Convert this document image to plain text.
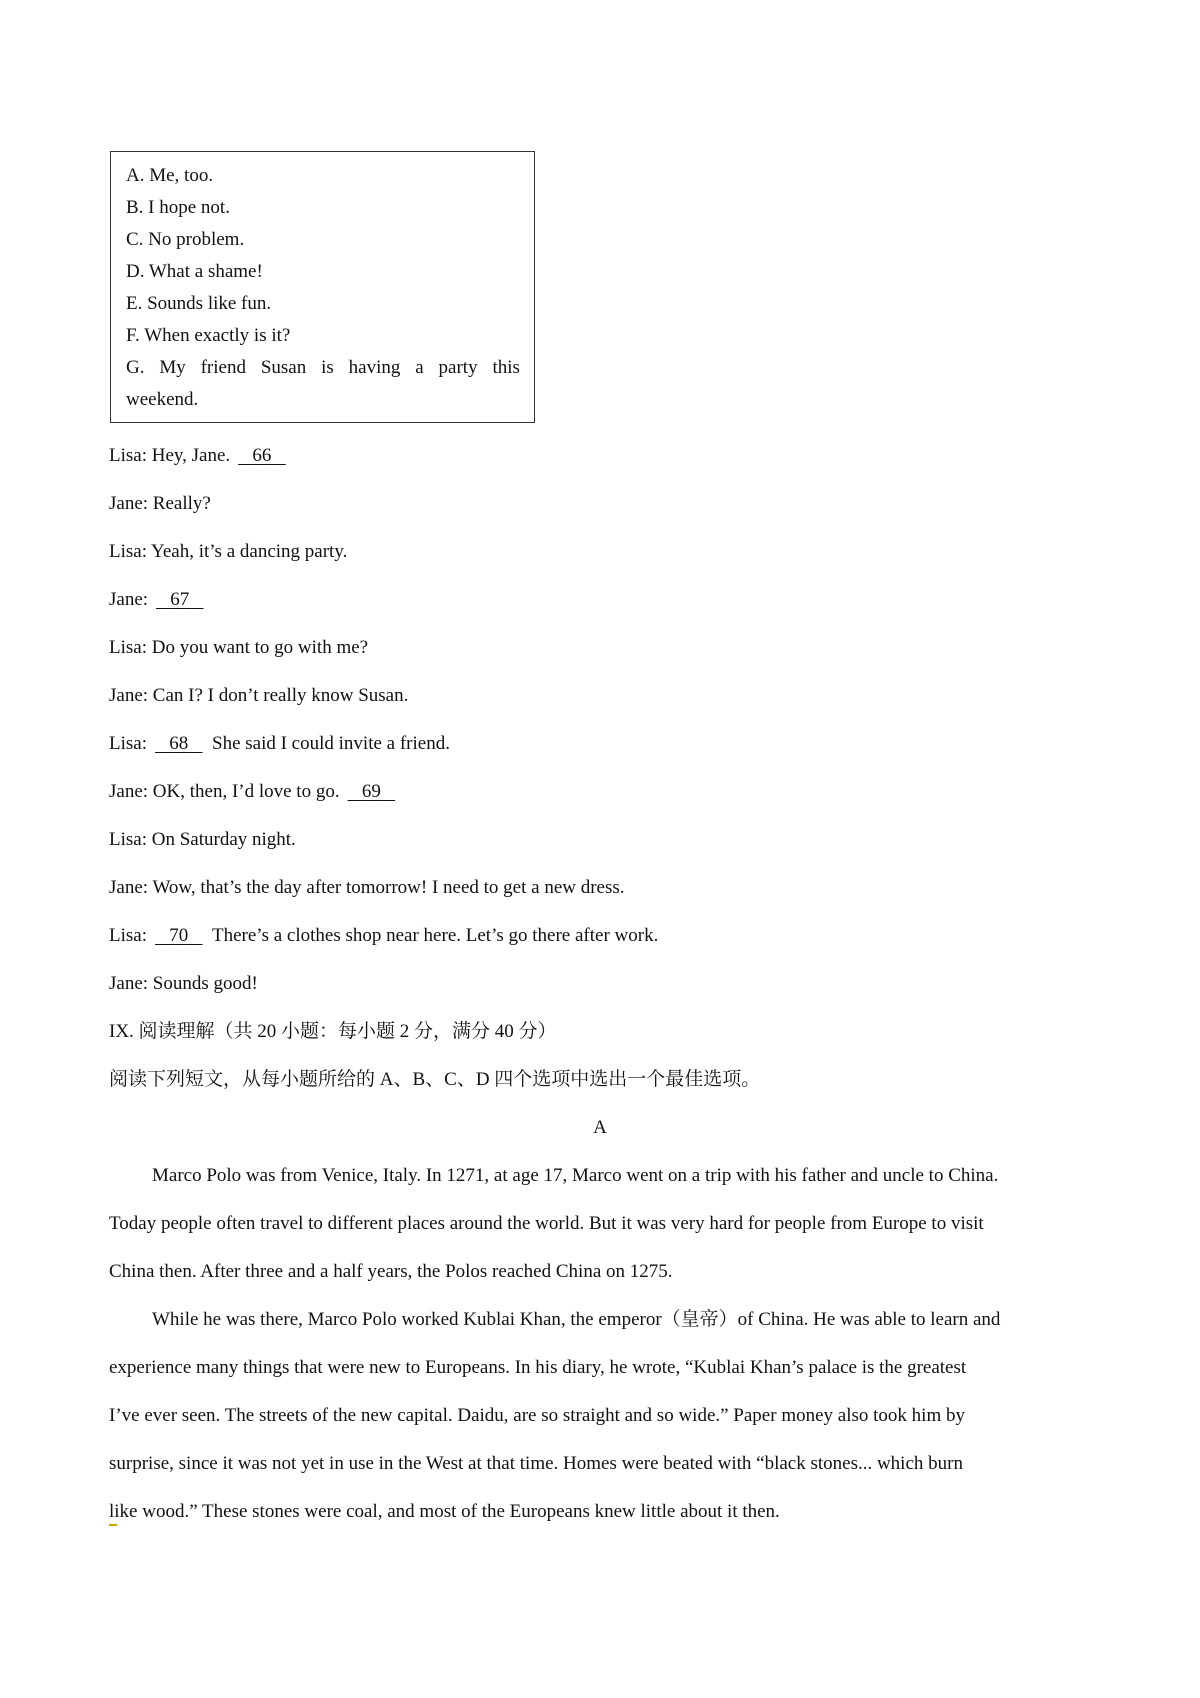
A. Me, too.
B. I hope not.
C. No problem.
D. What a shame!
E. Sounds like fun.
F. When exactly is it?
G. My friend Susan is having a party this
weekend.
Lisa: Hey, Jane. 66
Jane: Really?
Lisa: Yeah, it’s a dancing party.
Jane: 67
Lisa: Do you want to go with me?
Jane: Can I? I don’t really know Susan.
Lisa: 68 She said I could invite a friend.
Jane: OK, then, I’d love to go. 69
Lisa: On Saturday night.
Jane: Wow, that’s the day after tomorrow! I need to get a new dress.
Lisa: 70 There’s a clothes shop near here. Let’s go there after work.
Jane: Sounds good!
IX. 阅读理解（共 20 小题：每小题 2 分，满分 40 分）
阅读下列短文，从每小题所给的 A、B、C、D 四个选项中选出一个最佳选项。
A
Marco Polo was from Venice, Italy. In 1271, at age 17, Marco went on a trip with his father and uncle to China.
Today people often travel to different places around the world. But it was very hard for people from Europe to visit
China then. After three and a half years, the Polos reached China on 1275.
While he was there, Marco Polo worked Kublai Khan, the emperor（皇帝）of China. He was able to learn and
experience many things that were new to Europeans. In his diary, he wrote, “Kublai Khan’s palace is the greatest
I’ve ever seen. The streets of the new capital. Daidu, are so straight and so wide.” Paper money also took him by
surprise, since it was not yet in use in the West at that time. Homes were beated with “black stones... which burn
like wood.” These stones were coal, and most of the Europeans knew little about it then.
